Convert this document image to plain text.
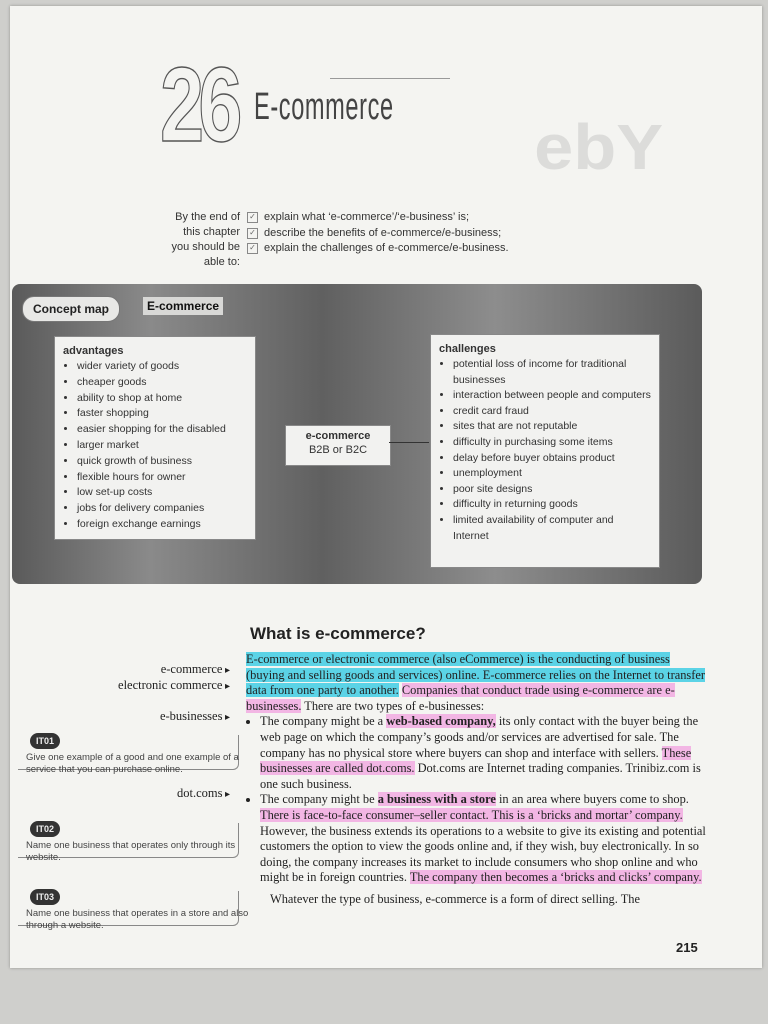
ebY
26 E-commerce
By the end of
this chapter
you should be
able to:
✓ explain what ‘e-commerce’/‘e-business’ is;
✓ describe the benefits of e-commerce/e-business;
✓ explain the challenges of e-commerce/e-business.
Concept map	E-commerce
advantages
• wider variety of goods
• cheaper goods
• ability to shop at home
• faster shopping
• easier shopping for the disabled
• larger market
• quick growth of business
• flexible hours for owner
• low set-up costs
• jobs for delivery companies
• foreign exchange earnings
e-commerce
B2B or B2C
challenges
• potential loss of income for traditional businesses
• interaction between people and computers
• credit card fraud
• sites that are not reputable
• difficulty in purchasing some items
• delay before buyer obtains product
• unemployment
• poor site designs
• difficulty in returning goods
• limited availability of computer and Internet
What is e-commerce?
e-commerce ▸
electronic commerce ▸
e-businesses ▸
dot.coms ▸
IT01
Give one example of a good and one example of a service that you can purchase online.
IT02
Name one business that operates only through its website.
IT03
Name one business that operates in a store and also through a website.

E-commerce or electronic commerce (also eCommerce) is the conducting of business (buying and selling goods and services) online. E-commerce relies on the Internet to transfer data from one party to another. Companies that conduct trade using e-commerce are e-businesses. There are two types of e-businesses:

• The company might be a web-based company, its only contact with the buyer being the web page on which the company’s goods and/or services are advertised for sale. The company has no physical store where buyers can shop and interface with sellers. These businesses are called dot.coms. Dot.coms are Internet trading companies. Trinibiz.com is one such business.
• The company might be a business with a store in an area where buyers come to shop. There is face-to-face consumer–seller contact. This is a ‘bricks and mortar’ company. However, the business extends its operations to a website to give its existing and potential customers the option to view the goods online and, if they wish, buy electronically. In so doing, the company increases its market to include consumers who shop online and who might be in foreign countries. The company then becomes a ‘bricks and clicks’ company.

Whatever the type of business, e-commerce is a form of direct selling. The

215
